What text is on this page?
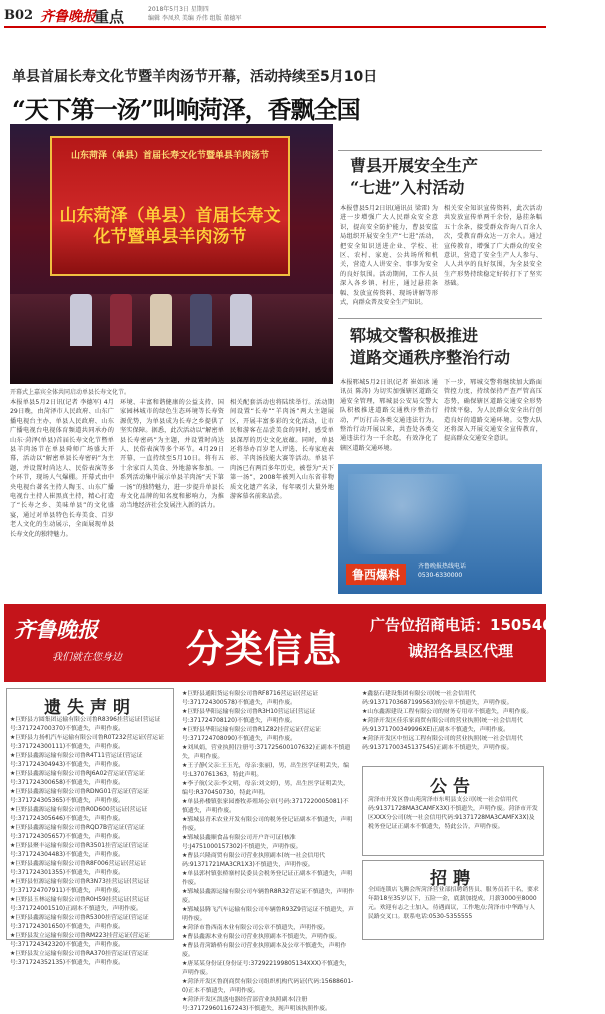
B02 齐鲁晚报
重点	2018年5月3日 星期四
编辑 李凤玖 美编 乔伟 组版 董德军
单县首届长寿文化节暨羊肉汤节开幕，活动持续至5月10日
“天下第一汤”叫响菏泽，香飘全国
山东菏泽（单县）首届长寿文化节暨单县羊肉汤节
山东菏泽（单县）首届长寿文化节暨单县羊肉汤节
开幕式上嘉宾全体共同启动单县长寿文化节。
本报单县5月2日讯(记者 李德军) 4月29日晚，由菏泽市人民政府、山东广播电视台主办，单县人民政府、山东广播电视台电视体育频道共同承办的山东·菏泽(单县)首届长寿文化节暨单县羊肉汤节在单县舜师广场盛大开幕，活动以“解密单县长寿密码”为主题，并设置时尚达人、民俗表演等多个环节，现场人气爆棚。开幕式由中央电视台著名主持人陶玉、山东广播电视台主持人崔黑真主持，精心打造了“长寿之乡、美味单县”的文化盛宴，通过对单县特色长寿美食、百岁老人文化的生动展示，全面展现单县长寿文化的独特魅力。
环境、丰富和谐健康的公益支持、国家园林城市的绿色生态环境等长寿资源优势，为单县成为长寿之乡提供了坚实保障。据悉，此次活动以“解密单县长寿密码”为主题，并设置时尚达人、民俗表演等多个环节。4月29日开幕，一直持续至5月10日。将有五十余家百人美食、外地游客参加。一系列活动集中展示单县羊肉汤“天下第一汤”的独特魅力，进一步提升单县长寿文化品牌的知名度和影响力，为推动当地经济社会发展注入新的活力。
相关配套活动也将陆续举行。活动期间设置“长寿”“羊肉汤”两大主题展区，开展丰富多彩的文化活动，让市民和游客在品尝美食的同时，感受单县深厚的历史文化底蕴。同时，单县还将举办百岁老人评选、长寿家庭表彰、羊肉汤技能大赛等活动。单县羊肉汤已有两百多年历史，被誉为“天下第一汤”，2008年被列入山东省非物质文化遗产名录，每年吸引大量外地游客慕名前来品尝。
曹县开展安全生产
“七进”入村活动
本报曹县5月2日讯(通讯员 梁雷) 为进一步增强广大人民群众安全意识，提高安全防护能力，曹县安监局组织开展安全生产“七进”活动，把安全知识送进企业、学校、社区、农村、家庭、公共场所和机关，营造人人讲安全、事事为安全的良好氛围。活动期间，工作人员深入各乡镇、村庄，通过悬挂条幅、发放宣传资料、现场讲解等形式，向群众普及安全生产知识。
相关安全知识宣传资料，此次活动共发放宣传单两千余份，悬挂条幅五十余条，接受群众咨询八百余人次，受教育群众达一万余人。通过宣传教育，增强了广大群众的安全意识，营造了安全生产人人参与、人人共享的良好氛围，为全县安全生产形势持续稳定好转打下了坚实基础。
郓城交警积极推进
道路交通秩序整治行动
本报郓城5月2日讯(记者 崔如冰 通讯员 陈涛) 为切实加强辖区道路交通安全管理，郓城县公安局交警大队积极推进道路交通秩序整治行动，严厉打击各类交通违法行为。整治行动开展以来，共查处各类交通违法行为一千余起，有效净化了辖区道路交通环境。
下一步，郓城交警将继续加大路面管控力度，持续保持严查严管高压态势，确保辖区道路交通安全形势持续平稳，为人民群众安全出行创造良好的道路交通环境。交警大队还将深入开展交通安全宣传教育，提高群众交通安全意识。
鲁西爆料
齐鲁晚报热线电话
0530-6330000
齐鲁晚报
我们就在您身边 分类信息
广告位招商电话：15054655267
诚招各县区代理
遗失声明

★巨野县方圆集团运输有限公司鲁R8396挂营运证(营运证号:371724700370)不慎遗失，声明作废。

★巨野县力扬机汽车运输有限公司鲁R0T232营运证(营运证号:371724300111)不慎遗失，声明作废。

★巨野县鑫源运输有限公司鲁R4T11营运证(营运证号:371724304943)不慎遗失，声明作废。

★巨野县鑫源运输有限公司鲁RJ6A02营运证(营运证号:371724300658)不慎遗失，声明作废。

★巨野县鑫源运输有限公司鲁RDNG01营运证(营运证号:371724305365)不慎遗失，声明作废。

★巨野县鑫源运输有限公司鲁R0D600营运证(营运证号:371724305646)不慎遗失，声明作废。

★巨野县鑫源运输有限公司鲁RQD7B营运证(营运证号:371724305657)不慎遗失，声明作废。

★巨野县聚丰运输有限公司鲁R3501挂营运证(营运证号:371724304483)不慎遗失，声明作废。

★巨野县鑫源运输有限公司鲁R8F006营运证(营运证号:371724301355)不慎遗失，声明作废。

★巨野县恒源运输有限公司鲁R3N73挂营运证(营运证号:371724707911)不慎遗失，声明作废。

★巨野县玉林运输有限公司鲁R0H59挂营运证(营运证号:371724001510)正副本不慎遗失，声明作废。

★巨野县鑫源运输有限公司鲁R5300挂营运证(营运证号:371724301650)不慎遗失，声明作废。

★巨野县发立运输有限公司鲁RM223挂营运证(营运证号:371724342320)不慎遗失，声明作废。

★巨野县发立运输有限公司鲁RA370挂营运证(营运证号:371724352135)不慎遗失，声明作废。

★巨野县通阳货运有限公司鲁RF8716营运证(营运证号:371724300578)不慎遗失，声明作废。

★巨野县华阳运输有限公司鲁R3H10营运证(营运证号:371724708120)不慎遗失，声明作废。

★巨野县华阳运输有限公司鲁R1Z82挂营运证(营运证号:371724708090)不慎遗失，声明作废。

★刘凤娟，营业执照(注册号:371725600107632)正副本不慎遗失，声明作废。

★王子静(父亲:王玉光，母亲:张丽)，男，出生医学证明丢失，编号:L370761363，特此声明。

★李子航(父亲:李文明，母亲:刘文婷)，男，出生医学证明丢失，编号:R370450730，特此声明。

★单县孙楼镇张家园畜牧养殖场公章(号码:3717220005081)不慎遗失，声明作废。

★郓城县青禾农业开发有限公司的税务登记证副本不慎遗失，声明作废。

★郓城县鑫顺食品有限公司开户许可证(核准号:J4751000157302)不慎遗失，声明作废。

★曹县兴隆商贸有限公司营业执照副本(统一社会信用代码:91371721MA3CR1X3)不慎遗失，声明作废。

★单县郭村镇张桥寨村民委员会税务登记证正副本不慎遗失，声明作废。

★郓城县鑫源运输有限公司车辆鲁R8R32营运证不慎遗失，声明作废。

★郓城县腾飞汽车运输有限公司车辆鲁R93Z9营运证不慎遗失，声明作废。

★菏泽市鲁西南木业有限公司公章不慎遗失，声明作废。

★曹县鑫源木业有限公司营业执照副本不慎遗失，声明作废。

★曹县青菏路桥有限公司营业执照副本及公章不慎遗失，声明作废。

★唐某某身份证(身份证号:372922199805134XXX)不慎遗失，声明作废。

★菏泽开发区鲁润商贸有限公司组织机构代码证(代码:15688601-0)正本不慎遗失，声明作废。

★菏泽开发区凯盛电器经营部营业执照副本(注册号:371729601167243)不慎遗失，现声明该执照作废。

★鑫磊石建设集团有限公司(统一社会信用代码:91371703687199563)的公章不慎遗失，声明作废。

★山东鑫源建设工程有限公司的财务专用章不慎遗失，声明作废。

★菏泽开发区佳乐家商贸有限公司的营业执照(统一社会信用代码:91371700349996XE)正副本不慎遗失，声明作废。

★菏泽开发区中恒远工程有限公司的营业执照(统一社会信用代码:91371700345137545)正副本不慎遗失，声明作废。

公告
菏泽市开发区鲁山苑菏泽市东明县支公司(统一社会信用代码:91371728MA3CAMFX3X)不慎遗失，声明作废。菏泽市开发区XXX分公司(统一社会信用代码:91371728MA3CAMFX3X)及税务登记证正副本不慎遗失，特此公告，声明作废。
招聘
全国连锁店飞腾会所菏泽营业部招聘销售员、服务员若干名，要求年龄18至35岁以下，五险一金，底薪加提成，月薪3000至8000元。欢迎有志之士加入，待遇面议，工作地点:菏泽市中华路与人民路交叉口。联系电话:0530-5355555
